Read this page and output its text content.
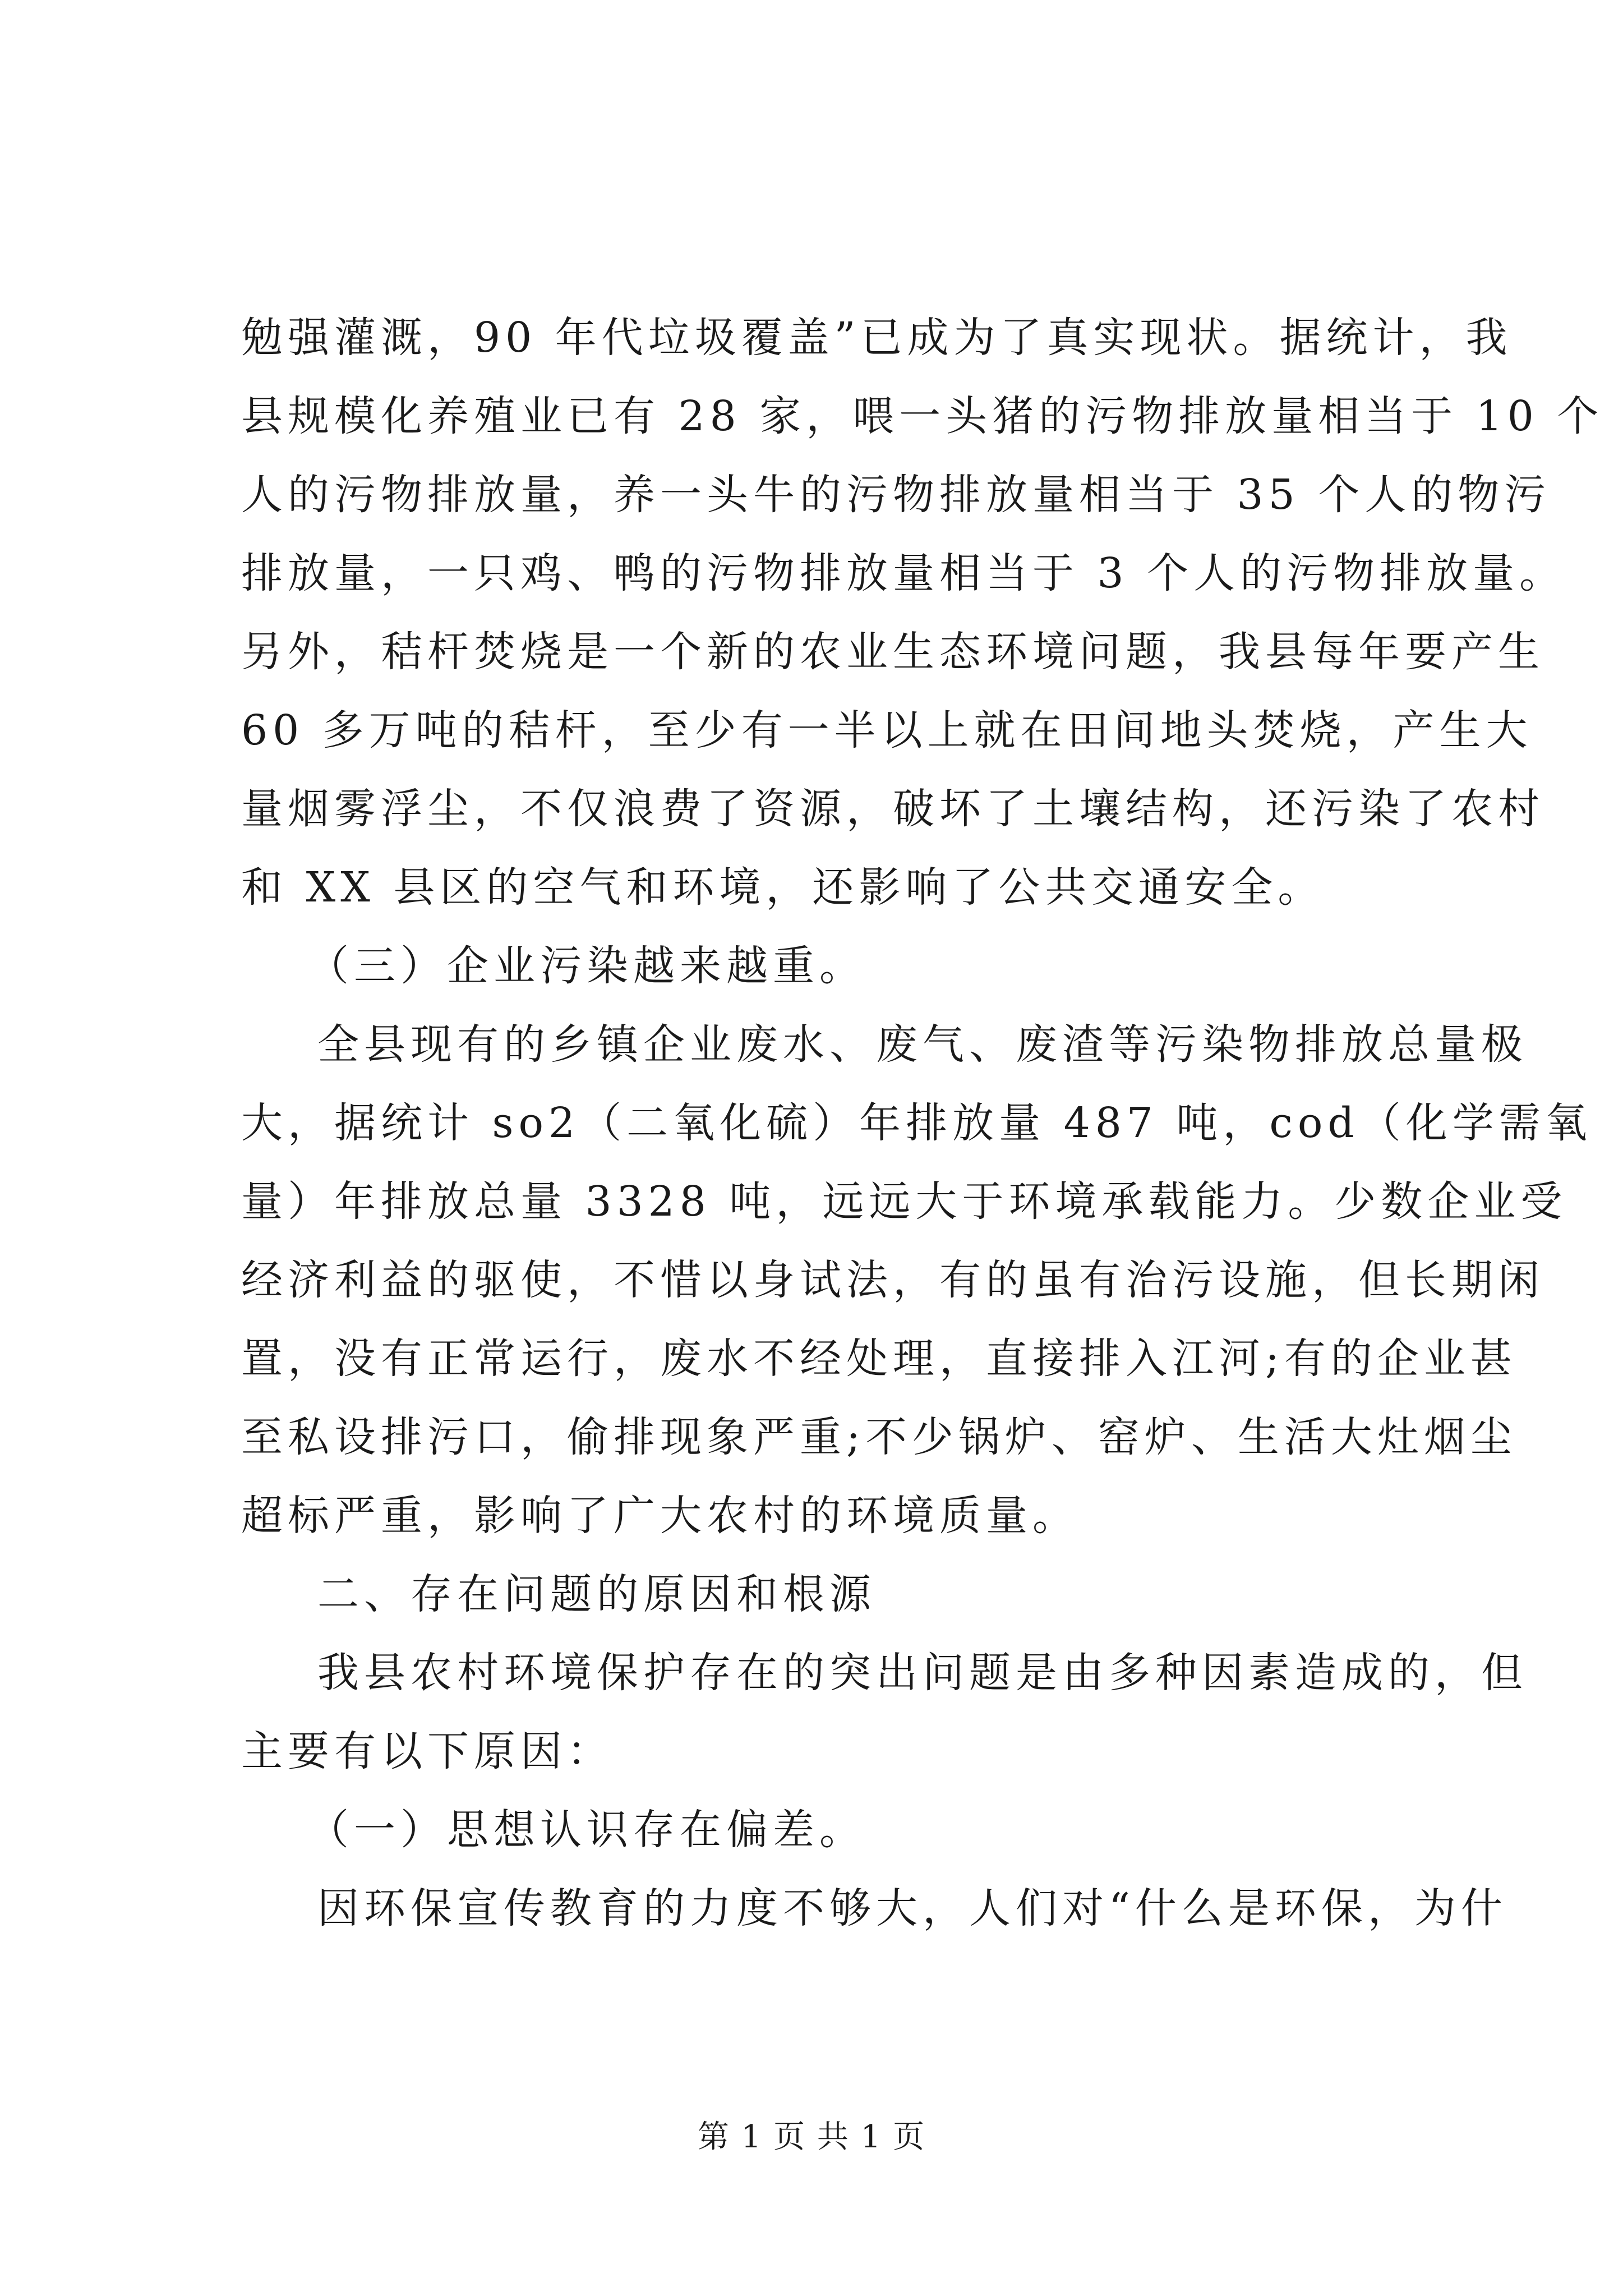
勉强灌溉，90 年代垃圾覆盖”已成为了真实现状。据统计，我
县规模化养殖业已有 28 家，喂一头猪的污物排放量相当于 10 个
人的污物排放量，养一头牛的污物排放量相当于 35 个人的物污
排放量，一只鸡、鸭的污物排放量相当于 3 个人的污物排放量。
另外，秸杆焚烧是一个新的农业生态环境问题，我县每年要产生
60 多万吨的秸杆，至少有一半以上就在田间地头焚烧，产生大
量烟雾浮尘，不仅浪费了资源，破坏了土壤结构，还污染了农村
和 XX 县区的空气和环境，还影响了公共交通安全。
（三）企业污染越来越重。
全县现有的乡镇企业废水、废气、废渣等污染物排放总量极
大，据统计 so2（二氧化硫）年排放量 487 吨，cod（化学需氧
量）年排放总量 3328 吨，远远大于环境承载能力。少数企业受
经济利益的驱使，不惜以身试法，有的虽有治污设施，但长期闲
置，没有正常运行，废水不经处理，直接排入江河;有的企业甚
至私设排污口，偷排现象严重;不少锅炉、窑炉、生活大灶烟尘
超标严重，影响了广大农村的环境质量。
二、存在问题的原因和根源
我县农村环境保护存在的突出问题是由多种因素造成的，但
主要有以下原因：
（一）思想认识存在偏差。
因环保宣传教育的力度不够大，人们对“什么是环保，为什
第 1 页 共 1 页
